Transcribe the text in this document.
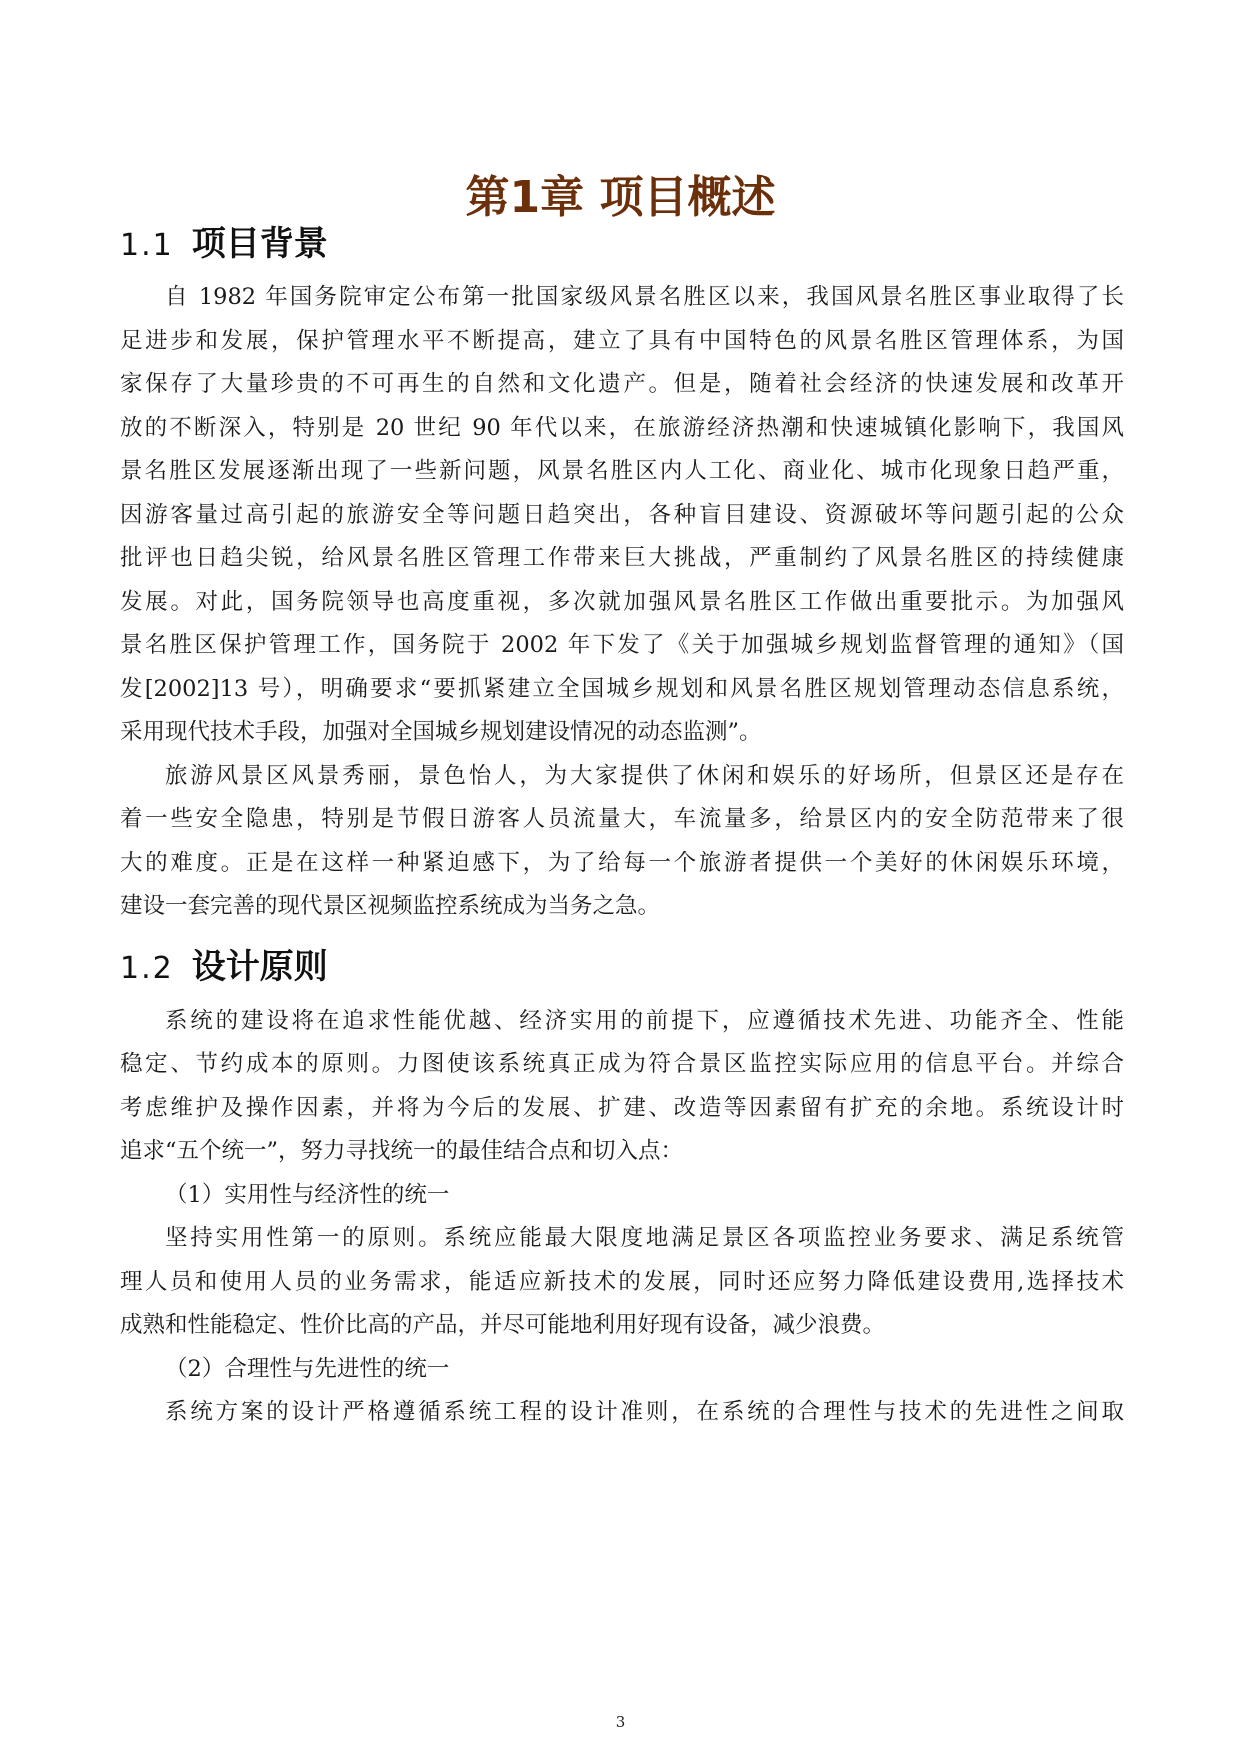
第1章 项目概述
1.1 项目背景

自 1982 年国务院审定公布第一批国家级风景名胜区以来，我国风景名胜区事业取得了长

足进步和发展，保护管理水平不断提高，建立了具有中国特色的风景名胜区管理体系，为国

家保存了大量珍贵的不可再生的自然和文化遗产。但是，随着社会经济的快速发展和改革开

放的不断深入，特别是 20 世纪 90 年代以来，在旅游经济热潮和快速城镇化影响下，我国风

景名胜区发展逐渐出现了一些新问题，风景名胜区内人工化、商业化、城市化现象日趋严重，

因游客量过高引起的旅游安全等问题日趋突出，各种盲目建设、资源破坏等问题引起的公众

批评也日趋尖锐，给风景名胜区管理工作带来巨大挑战，严重制约了风景名胜区的持续健康

发展。对此，国务院领导也高度重视，多次就加强风景名胜区工作做出重要批示。为加强风

景名胜区保护管理工作，国务院于 2002 年下发了《关于加强城乡规划监督管理的通知》（国

发[2002]13 号），明确要求“要抓紧建立全国城乡规划和风景名胜区规划管理动态信息系统，

采用现代技术手段，加强对全国城乡规划建设情况的动态监测”。

旅游风景区风景秀丽，景色怡人，为大家提供了休闲和娱乐的好场所，但景区还是存在

着一些安全隐患，特别是节假日游客人员流量大，车流量多，给景区内的安全防范带来了很

大的难度。正是在这样一种紧迫感下，为了给每一个旅游者提供一个美好的休闲娱乐环境，

建设一套完善的现代景区视频监控系统成为当务之急。

1.2 设计原则

系统的建设将在追求性能优越、经济实用的前提下，应遵循技术先进、功能齐全、性能

稳定、节约成本的原则。力图使该系统真正成为符合景区监控实际应用的信息平台。并综合

考虑维护及操作因素，并将为今后的发展、扩建、改造等因素留有扩充的余地。系统设计时

追求“五个统一”，努力寻找统一的最佳结合点和切入点：

（1）实用性与经济性的统一

坚持实用性第一的原则。系统应能最大限度地满足景区各项监控业务要求、满足系统管

理人员和使用人员的业务需求，能适应新技术的发展，同时还应努力降低建设费用,选择技术

成熟和性能稳定、性价比高的产品，并尽可能地利用好现有设备，减少浪费。

（2）合理性与先进性的统一

系统方案的设计严格遵循系统工程的设计准则，在系统的合理性与技术的先进性之间取

3
